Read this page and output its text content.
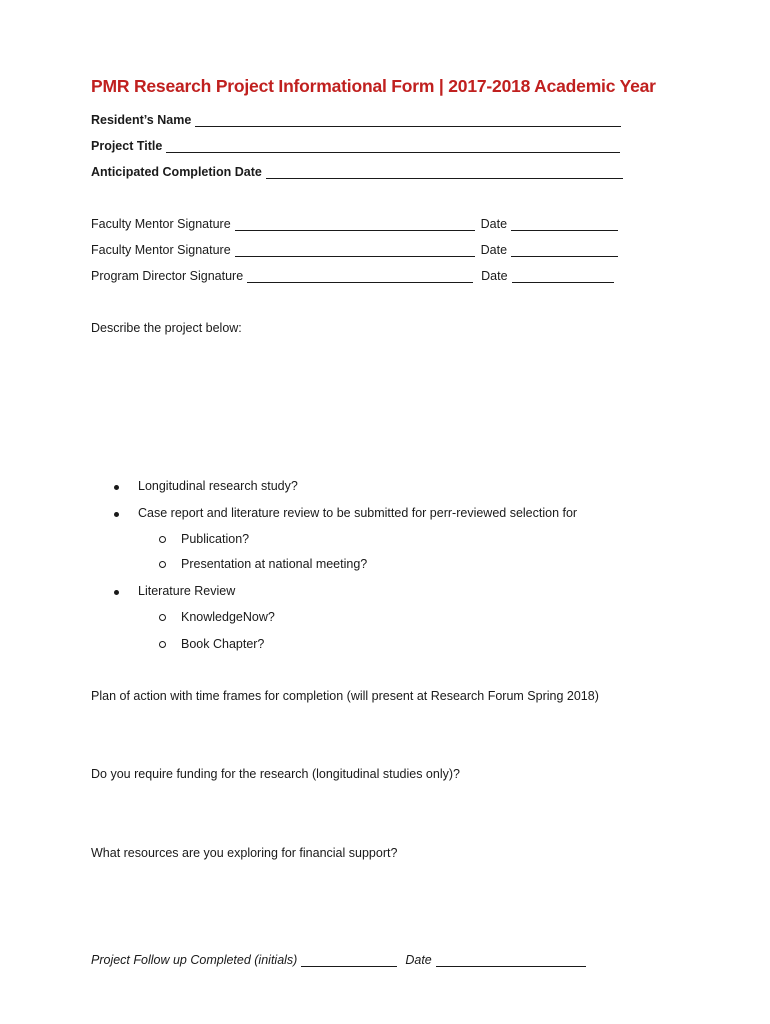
PMR Research Project Informational Form | 2017-2018 Academic Year
Resident’s Name
Project Title
Anticipated Completion Date
Faculty Mentor Signature	Date
Faculty Mentor Signature	Date
Program Director Signature	Date
Describe the project below:
Longitudinal research study?
Case report and literature review to be submitted for perr-reviewed selection for
Publication?
Presentation at national meeting?
Literature Review
KnowledgeNow?
Book Chapter?
Plan of action with time frames for completion (will present at Research Forum Spring 2018)
Do you require funding for the research (longitudinal studies only)?
What resources are you exploring for financial support?
Project Follow up Completed (initials)	Date
